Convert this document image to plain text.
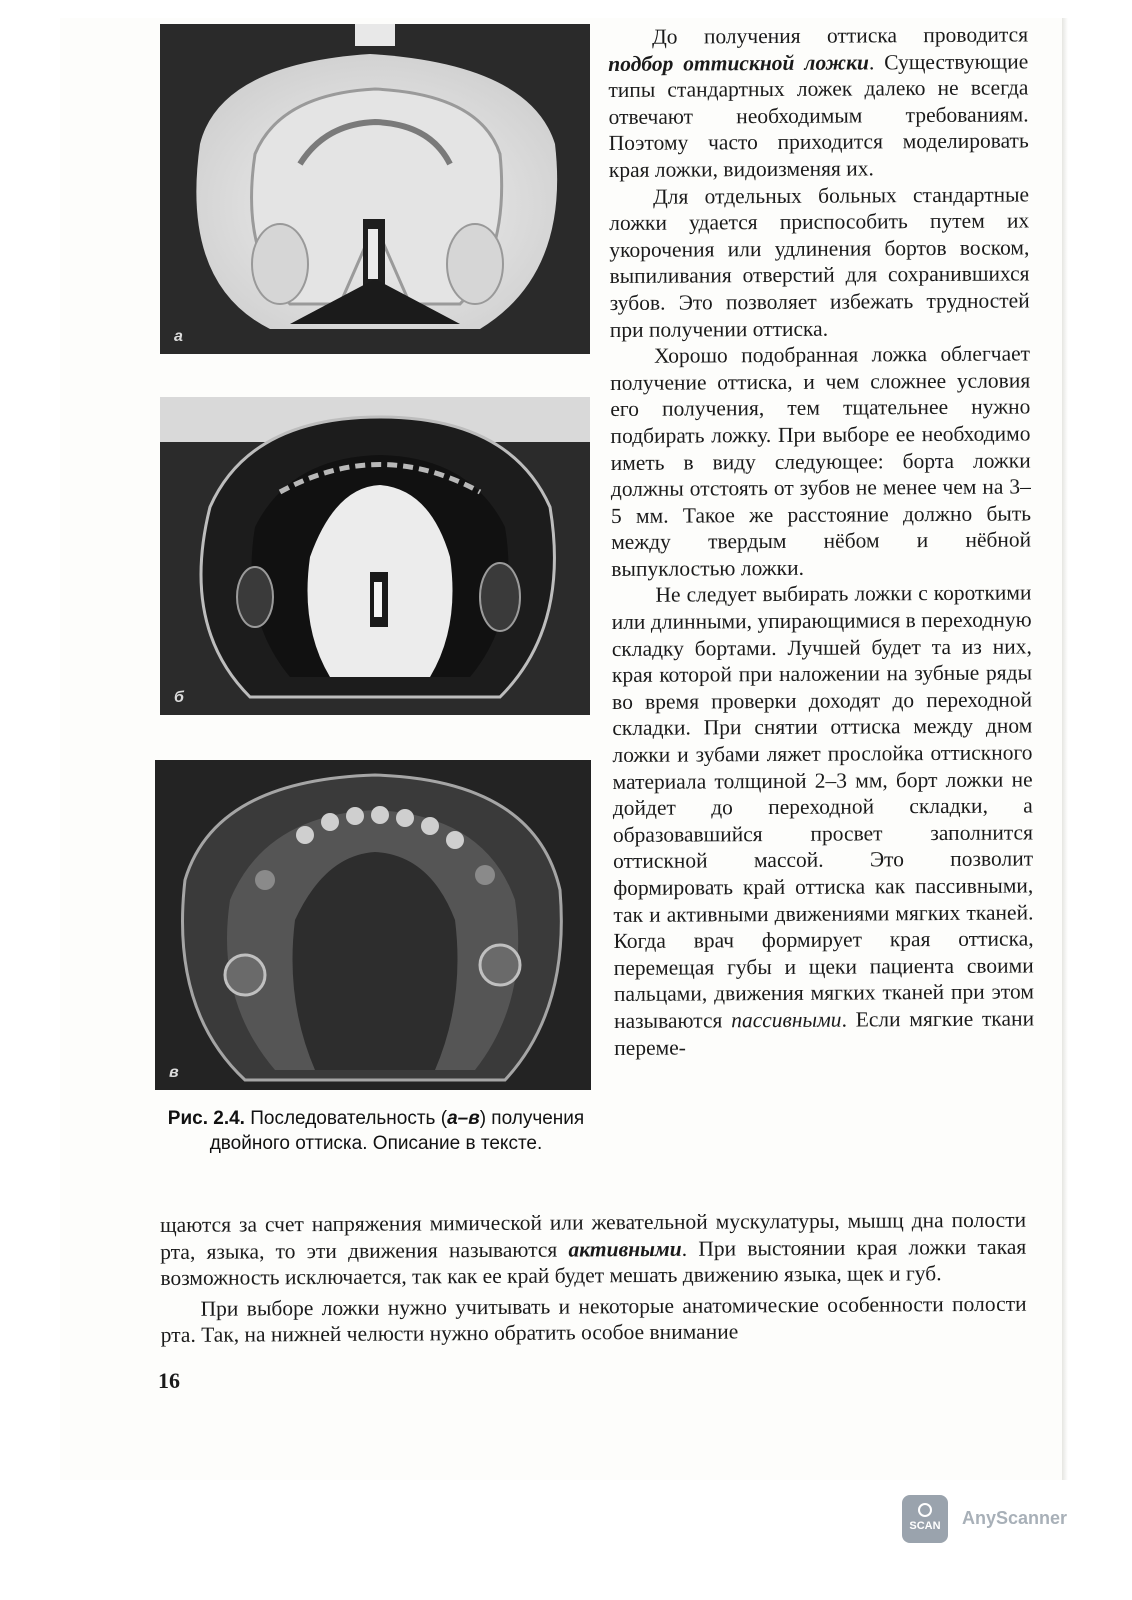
а
б
в
Рис. 2.4. Последовательность (а–в) получения двойного оттиска. Описание в тексте.

До получения оттиска проводится подбор оттискной ложки. Существующие типы стандартных ложек далеко не всегда отвечают необходимым требованиям. Поэтому часто приходится моделировать края ложки, видоизменяя их.

Для отдельных больных стандартные ложки удается приспособить путем их укорочения или удлинения бортов воском, выпиливания отверстий для сохранившихся зубов. Это позволяет избежать трудностей при получении оттиска.

Хорошо подобранная ложка облегчает получение оттиска, и чем сложнее условия его получения, тем тщательнее нужно подбирать ложку. При выборе ее необходимо иметь в виду следующее: борта ложки должны отстоять от зубов не менее чем на 3–5 мм. Такое же расстояние должно быть между твердым нёбом и нёбной выпуклостью ложки.

Не следует выбирать ложки с короткими или длинными, упирающимися в переходную складку бортами. Лучшей будет та из них, края которой при наложении на зубные ряды во время проверки доходят до переходной складки. При снятии оттиска между дном ложки и зубами ляжет прослойка оттискного материала толщиной 2–3 мм, борт ложки не дойдет до переходной складки, а образовавшийся просвет заполнится оттискной массой. Это позволит формировать край оттиска как пассивными, так и активными движениями мягких тканей. Когда врач формирует края оттиска, перемещая губы и щеки пациента своими пальцами, движения мягких тканей при этом называются пассивными. Если мягкие ткани переме-

щаются за счет напряжения мимической или жевательной мускулатуры, мышц дна полости рта, языка, то эти движения называются активными. При выстоянии края ложки такая возможность исключается, так как ее край будет мешать движению языка, щек и губ.

При выборе ложки нужно учитывать и некоторые анатомические особенности полости рта. Так, на нижней челюсти нужно обратить особое внимание

16
SCAN	AnyScanner
